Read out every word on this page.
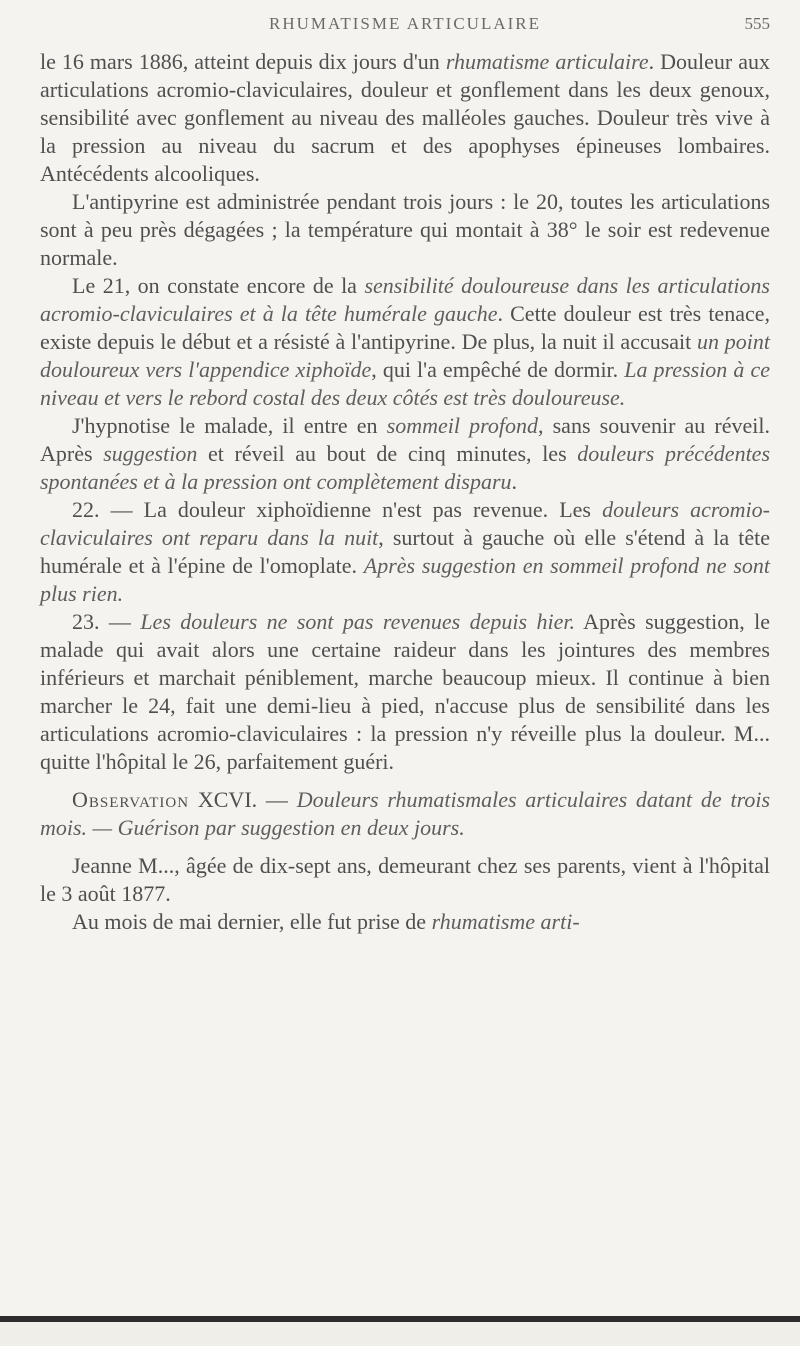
RHUMATISME ARTICULAIRE	555

le 16 mars 1886, atteint depuis dix jours d'un rhumatisme articulaire. Douleur aux articulations acromio-claviculaires, douleur et gonflement dans les deux genoux, sensibilité avec gonflement au niveau des malléoles gauches. Douleur très vive à la pression au niveau du sacrum et des apophyses épineuses lombaires. Antécédents alcooliques.

L'antipyrine est administrée pendant trois jours : le 20, toutes les articulations sont à peu près dégagées ; la température qui montait à 38° le soir est redevenue normale.

Le 21, on constate encore de la sensibilité douloureuse dans les articulations acromio-claviculaires et à la tête humérale gauche. Cette douleur est très tenace, existe depuis le début et a résisté à l'antipyrine. De plus, la nuit il accusait un point douloureux vers l'appendice xiphoïde, qui l'a empêché de dormir. La pression à ce niveau et vers le rebord costal des deux côtés est très douloureuse.

J'hypnotise le malade, il entre en sommeil profond, sans souvenir au réveil. Après suggestion et réveil au bout de cinq minutes, les douleurs précédentes spontanées et à la pression ont complètement disparu.

22. — La douleur xiphoïdienne n'est pas revenue. Les douleurs acromio-claviculaires ont reparu dans la nuit, surtout à gauche où elle s'étend à la tête humérale et à l'épine de l'omoplate. Après suggestion en sommeil profond ne sont plus rien.

23. — Les douleurs ne sont pas revenues depuis hier. Après suggestion, le malade qui avait alors une certaine raideur dans les jointures des membres inférieurs et marchait péniblement, marche beaucoup mieux. Il continue à bien marcher le 24, fait une demi-lieu à pied, n'accuse plus de sensibilité dans les articulations acromio-claviculaires : la pression n'y réveille plus la douleur. M... quitte l'hôpital le 26, parfaitement guéri.

Observation XCVI. — Douleurs rhumatismales articulaires datant de trois mois. — Guérison par suggestion en deux jours.

Jeanne M..., âgée de dix-sept ans, demeurant chez ses parents, vient à l'hôpital le 3 août 1877.

Au mois de mai dernier, elle fut prise de rhumatisme arti-
